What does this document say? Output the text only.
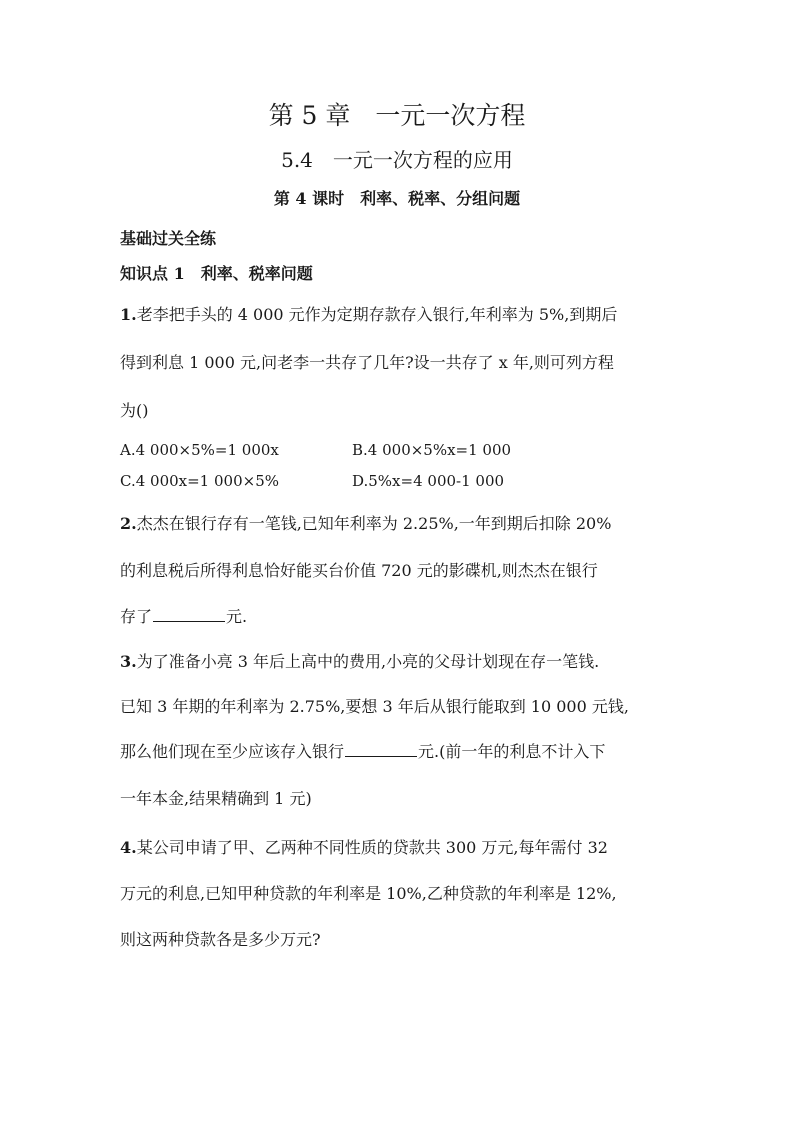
第 5 章　一元一次方程
5.4　一元一次方程的应用
第 4 课时　利率、税率、分组问题
基础过关全练
知识点 1　利率、税率问题
1.老李把手头的 4 000 元作为定期存款存入银行,年利率为 5%,到期后
得到利息 1 000 元,问老李一共存了几年?设一共存了 x 年,则可列方程
为()
A.4 000×5%=1 000x	B.4 000×5%x=1 000
C.4 000x=1 000×5%	D.5%x=4 000-1 000
2.杰杰在银行存有一笔钱,已知年利率为 2.25%,一年到期后扣除 20%
的利息税后所得利息恰好能买台价值 720 元的影碟机,则杰杰在银行
存了	元.
3.为了准备小亮 3 年后上高中的费用,小亮的父母计划现在存一笔钱.
已知 3 年期的年利率为 2.75%,要想 3 年后从银行能取到 10 000 元钱,
那么他们现在至少应该存入银行	元.(前一年的利息不计入下
一年本金,结果精确到 1 元)
4.某公司申请了甲、乙两种不同性质的贷款共 300 万元,每年需付 32
万元的利息,已知甲种贷款的年利率是 10%,乙种贷款的年利率是 12%,
则这两种贷款各是多少万元?
